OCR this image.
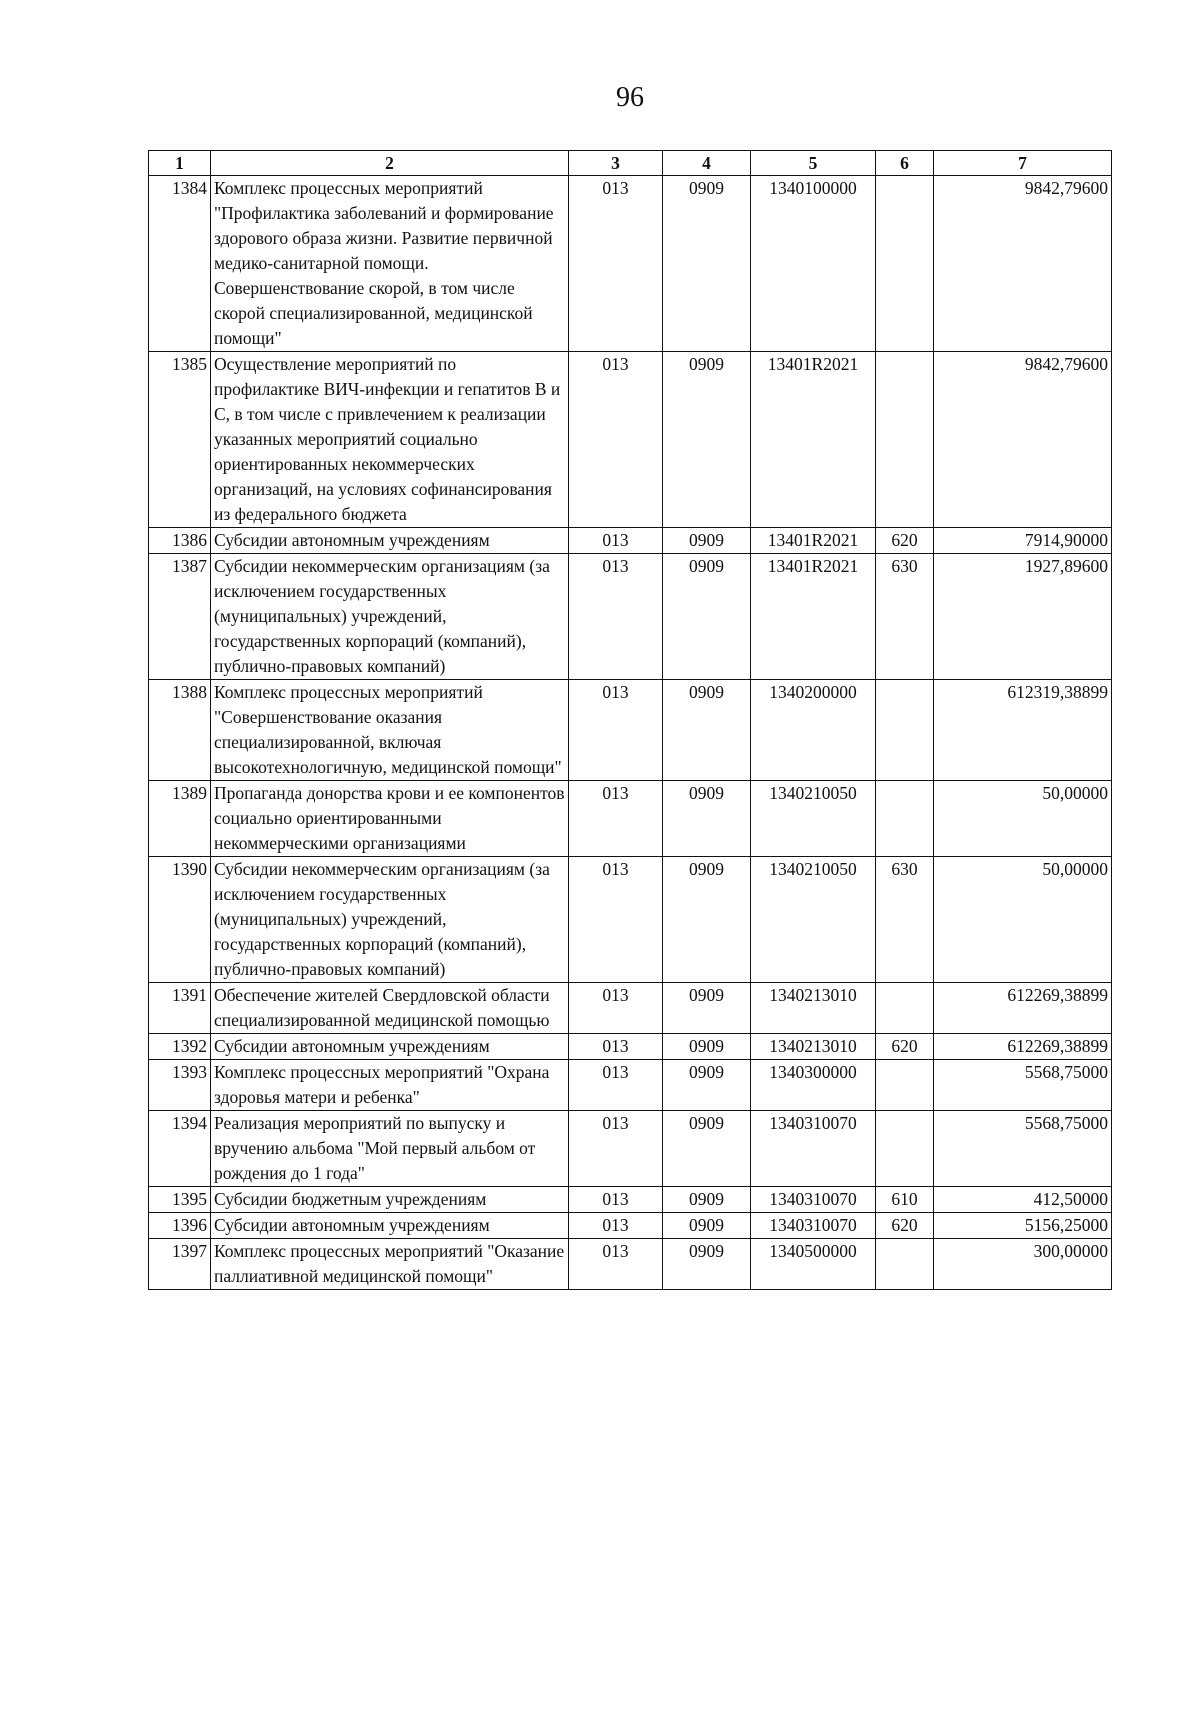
96
1	2	3	4	5	6	7
1384	Комплекс процессных мероприятий "Профилактика заболеваний и формирование здорового образа жизни. Развитие первичной медико-санитарной помощи. Совершенствование скорой, в том числе скорой специализированной, медицинской помощи"	013	0909	1340100000		9842,79600
1385	Осуществление мероприятий по профилактике ВИЧ-инфекции и гепатитов В и С, в том числе с привлечением к реализации указанных мероприятий социально ориентированных некоммерческих организаций, на условиях софинансирования из федерального бюджета	013	0909	13401R2021		9842,79600
1386	Субсидии автономным учреждениям	013	0909	13401R2021	620	7914,90000
1387	Субсидии некоммерческим организациям (за исключением государственных (муниципальных) учреждений, государственных корпораций (компаний), публично-правовых компаний)	013	0909	13401R2021	630	1927,89600
1388	Комплекс процессных мероприятий "Совершенствование оказания специализированной, включая высокотехнологичную, медицинской помощи"	013	0909	1340200000		612319,38899
1389	Пропаганда донорства крови и ее компонентов социально ориентированными некоммерческими организациями	013	0909	1340210050		50,00000
1390	Субсидии некоммерческим организациям (за исключением государственных (муниципальных) учреждений, государственных корпораций (компаний), публично-правовых компаний)	013	0909	1340210050	630	50,00000
1391	Обеспечение жителей Свердловской области специализированной медицинской помощью	013	0909	1340213010		612269,38899
1392	Субсидии автономным учреждениям	013	0909	1340213010	620	612269,38899
1393	Комплекс процессных мероприятий "Охрана здоровья матери и ребенка"	013	0909	1340300000		5568,75000
1394	Реализация мероприятий по выпуску и вручению альбома "Мой первый альбом от рождения до 1 года"	013	0909	1340310070		5568,75000
1395	Субсидии бюджетным учреждениям	013	0909	1340310070	610	412,50000
1396	Субсидии автономным учреждениям	013	0909	1340310070	620	5156,25000
1397	Комплекс процессных мероприятий "Оказание паллиативной медицинской помощи"	013	0909	1340500000		300,00000
